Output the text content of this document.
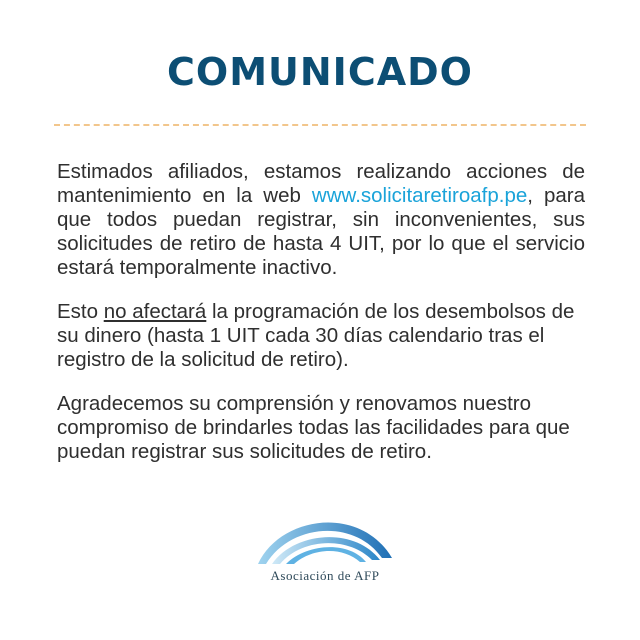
COMUNICADO

Estimados afiliados, estamos realizando acciones de mantenimiento en la web www.solicitaretiroafp.pe, para que todos puedan registrar, sin inconvenientes, sus solicitudes de retiro de hasta 4 UIT, por lo que el servicio estará temporalmente inactivo.

Esto no afectará la programación de los desembolsos de su dinero (hasta 1 UIT cada 30 días calendario tras el registro de la solicitud de retiro).

Agradecemos su comprensión y renovamos nuestro compromiso de brindarles todas las facilidades para que puedan registrar sus solicitudes de retiro.

Asociación de AFP
